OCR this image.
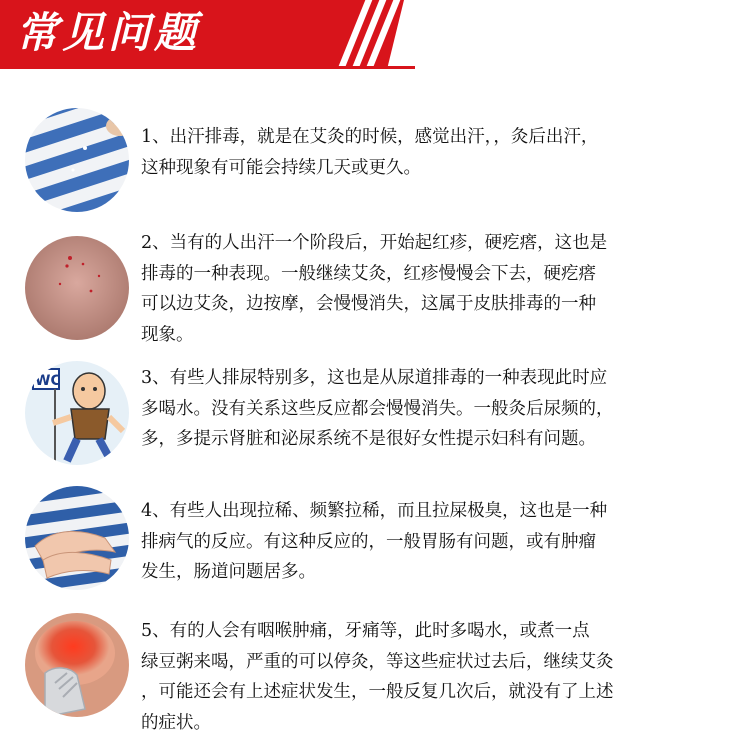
常见问题
1、出汗排毒，就是在艾灸的时候，感觉出汗，，灸后出汗，
这种现象有可能会持续几天或更久。
2、当有的人出汗一个阶段后，开始起红疹，硬疙瘩，这也是
排毒的一种表现。一般继续艾灸，红疹慢慢会下去，硬疙瘩
可以边艾灸，边按摩，会慢慢消失，这属于皮肤排毒的一种
现象。
WC	3、有些人排尿特别多，这也是从尿道排毒的一种表现此时应
多喝水。没有关系这些反应都会慢慢消失。一般灸后尿频的，
多，多提示肾脏和泌尿系统不是很好女性提示妇科有问题。
4、有些人出现拉稀、频繁拉稀，而且拉屎极臭，这也是一种
排病气的反应。有这种反应的，一般胃肠有问题，或有肿瘤
发生，肠道问题居多。
5、有的人会有咽喉肿痛，牙痛等，此时多喝水，或煮一点
绿豆粥来喝，严重的可以停灸，等这些症状过去后，继续艾灸
，可能还会有上述症状发生，一般反复几次后，就没有了上述
的症状。
